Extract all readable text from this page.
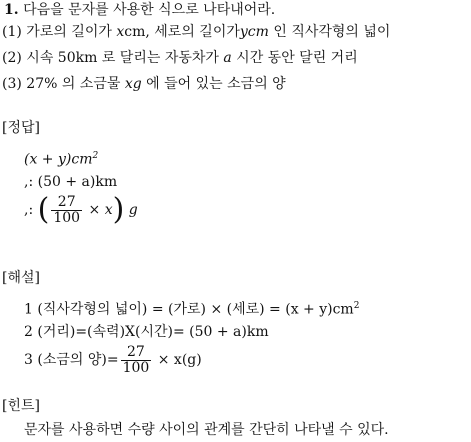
1. 다음을 문자를 사용한 식으로 나타내어라.
(1) 가로의 길이가 xcm, 세로의 길이가ycm 인 직사각형의 넓이
(2) 시속 50km 로 달리는 자동차가 a 시간 동안 달린 거리
(3) 27% 의 소금물 xg 에 들어 있는 소금의 양
[정답]
$(x + y)cm^2$
,: (50 + a)km
,: ( $\frac{27}{100} \times x$) g
[해설]
1 (직사각형의 넓이) = (가로) × (세로) = $(x + y)cm^2$
2 (거리)=(속력)X(시간)= (50 + a)km
3 (소금의 양)= $\frac{27}{100} \times x(g)$
[힌트]
문자를 사용하면 수량 사이의 관계를 간단히 나타낼 수 있다.
